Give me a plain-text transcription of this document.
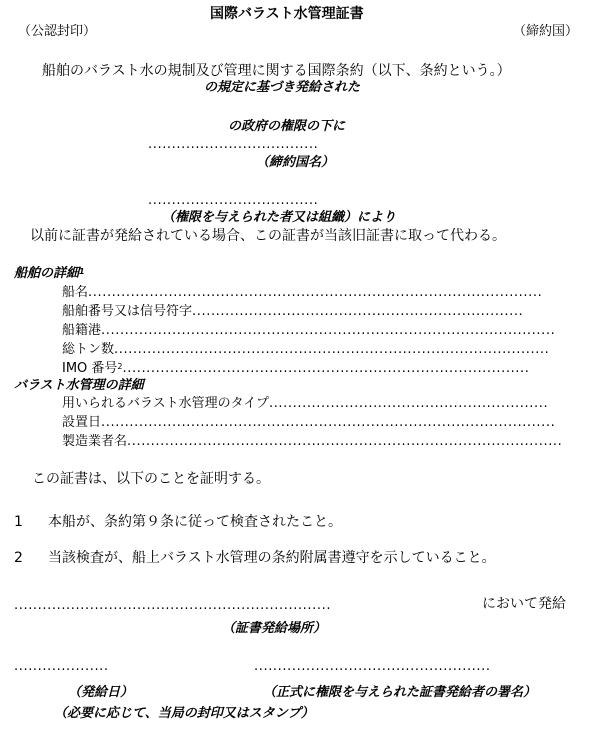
国際バラスト水管理証書
（公認封印）	（締約国）
船舶のバラスト水の規制及び管理に関する国際条約（以下、条約という。）
の規定に基づき発給された
の政府の権限の下に
....................................
（締約国名）
....................................
（権限を与えられた者又は組織）により
以前に証書が発給されている場合、この証書が当該旧証書に取って代わる。
船舶の詳細$^1$
船名................................................................................................
船舶番号又は信号符字......................................................................
船籍港................................................................................................
総トン数............................................................................................
IMO 番号$^2$......................................................................................
バラスト水管理の詳細
用いられるバラスト水管理のタイプ...........................................................
設置日................................................................................................
製造業者名............................................................................................
この証書は、以下のことを証明する。
1 本船が、条約第９条に従って検査されたこと。
2 当該検査が、船上バラスト水管理の条約附属書遵守を示していること。
...................................................................	において発給
（証書発給場所）
....................	..................................................
（発給日）	（正式に権限を与えられた証書発給者の署名）
（必要に応じて、当局の封印又はスタンプ）
